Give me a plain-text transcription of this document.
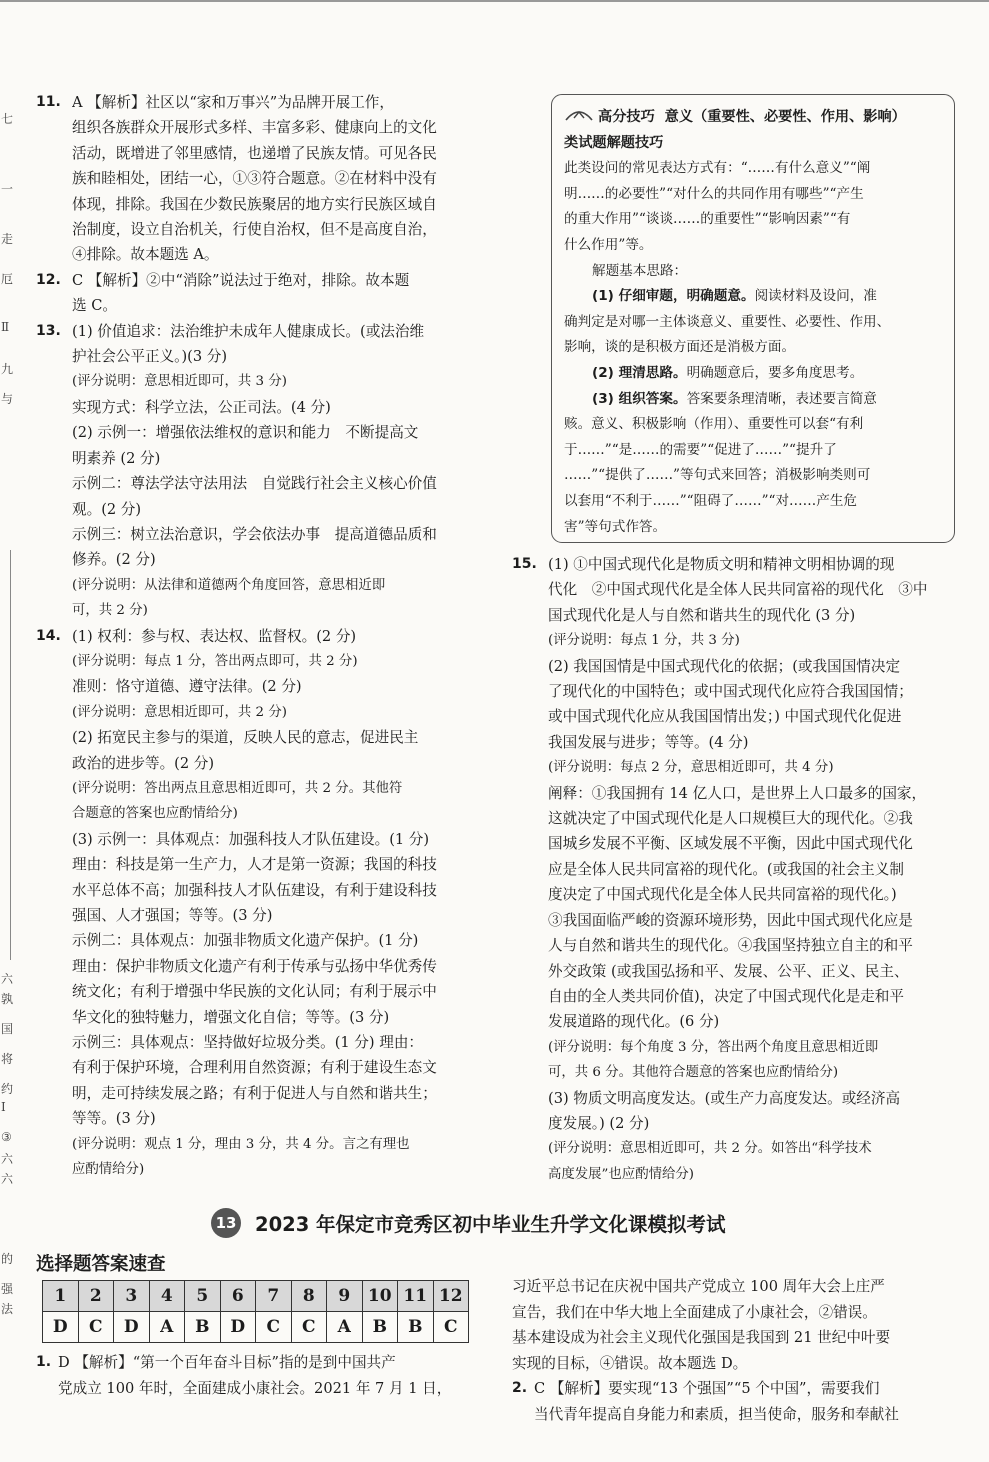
七
一
走
厄
Ⅱ
九
与
六
孰
国
将
约
Ⅰ
③
六
六
的
强
法
11. A 【解析】社区以“家和万事兴”为品牌开展工作，
组织各族群众开展形式多样、丰富多彩、健康向上的文化
活动，既增进了邻里感情，也递增了民族友情。可见各民
族和睦相处，团结一心，①③符合题意。②在材料中没有
体现，排除。我国在少数民族聚居的地方实行民族区域自
治制度，设立自治机关，行使自治权，但不是高度自治，
④排除。故本题选 A。
12. C 【解析】②中“消除”说法过于绝对，排除。故本题
选 C。
13. (1) 价值追求：法治维护未成年人健康成长。(或法治维
护社会公平正义。)(3 分)
(评分说明：意思相近即可，共 3 分)
实现方式：科学立法，公正司法。(4 分)
(2) 示例一：增强依法维权的意识和能力　不断提高文
明素养 (2 分)
示例二：尊法学法守法用法　自觉践行社会主义核心价值
观。(2 分)
示例三：树立法治意识，学会依法办事　提高道德品质和
修养。(2 分)
(评分说明：从法律和道德两个角度回答，意思相近即
可，共 2 分)
14. (1) 权利：参与权、表达权、监督权。(2 分)
(评分说明：每点 1 分，答出两点即可，共 2 分)
准则：恪守道德、遵守法律。(2 分)
(评分说明：意思相近即可，共 2 分)
(2) 拓宽民主参与的渠道，反映人民的意志，促进民主
政治的进步等。(2 分)
(评分说明：答出两点且意思相近即可，共 2 分。其他符
合题意的答案也应酌情给分)
(3) 示例一：具体观点：加强科技人才队伍建设。(1 分)
理由：科技是第一生产力，人才是第一资源；我国的科技
水平总体不高；加强科技人才队伍建设，有利于建设科技
强国、人才强国；等等。(3 分)
示例二：具体观点：加强非物质文化遗产保护。(1 分)
理由：保护非物质文化遗产有利于传承与弘扬中华优秀传
统文化；有利于增强中华民族的文化认同；有利于展示中
华文化的独特魅力，增强文化自信；等等。(3 分)
示例三：具体观点：坚持做好垃圾分类。(1 分) 理由：
有利于保护环境，合理利用自然资源；有利于建设生态文
明，走可持续发展之路；有利于促进人与自然和谐共生；
等等。(3 分)
(评分说明：观点 1 分，理由 3 分，共 4 分。言之有理也
应酌情给分)
高分技巧 意义（重要性、必要性、作用、影响）
类试题解题技巧
此类设问的常见表达方式有：“……有什么意义”“阐
明……的必要性”“对什么的共同作用有哪些”“产生
的重大作用”“谈谈……的重要性”“影响因素”“有
什么作用”等。
解题基本思路：
(1) 仔细审题，明确题意。阅读材料及设问，准
确判定是对哪一主体谈意义、重要性、必要性、作用、
影响，谈的是积极方面还是消极方面。
(2) 理清思路。明确题意后，要多角度思考。
(3) 组织答案。答案要条理清晰，表述要言简意
赅。意义、积极影响（作用）、重要性可以套“有利
于……”“是……的需要”“促进了……”“提升了
……”“提供了……”等句式来回答；消极影响类则可
以套用“不利于……”“阻碍了……”“对……产生危
害”等句式作答。
15. (1) ①中国式现代化是物质文明和精神文明相协调的现
代化　②中国式现代化是全体人民共同富裕的现代化　③中
国式现代化是人与自然和谐共生的现代化 (3 分)
(评分说明：每点 1 分，共 3 分)
(2) 我国国情是中国式现代化的依据；(或我国国情决定
了现代化的中国特色；或中国式现代化应符合我国国情；
或中国式现代化应从我国国情出发；) 中国式现代化促进
我国发展与进步；等等。(4 分)
(评分说明：每点 2 分，意思相近即可，共 4 分)
阐释：①我国拥有 14 亿人口，是世界上人口最多的国家，
这就决定了中国式现代化是人口规模巨大的现代化。②我
国城乡发展不平衡、区域发展不平衡，因此中国式现代化
应是全体人民共同富裕的现代化。(或我国的社会主义制
度决定了中国式现代化是全体人民共同富裕的现代化。)
③我国面临严峻的资源环境形势，因此中国式现代化应是
人与自然和谐共生的现代化。④我国坚持独立自主的和平
外交政策 (或我国弘扬和平、发展、公平、正义、民主、
自由的全人类共同价值)，决定了中国式现代化是走和平
发展道路的现代化。(6 分)
(评分说明：每个角度 3 分，答出两个角度且意思相近即
可，共 6 分。其他符合题意的答案也应酌情给分)
(3) 物质文明高度发达。(或生产力高度发达。或经济高
度发展。) (2 分)
(评分说明：意思相近即可，共 2 分。如答出“科学技术
高度发展”也应酌情给分)
13 2023 年保定市竞秀区初中毕业生升学文化课模拟考试
选择题答案速查
1	2	3	4	5	6	7	8	9	10	11	12
D	C	D	A	B	D	C	C	A	B	B	C
1. D 【解析】“第一个百年奋斗目标”指的是到中国共产
党成立 100 年时，全面建成小康社会。2021 年 7 月 1 日，
习近平总书记在庆祝中国共产党成立 100 周年大会上庄严
宣告，我们在中华大地上全面建成了小康社会，②错误。
基本建设成为社会主义现代化强国是我国到 21 世纪中叶要
实现的目标，④错误。故本题选 D。
2. C 【解析】要实现“13 个强国”“5 个中国”，需要我们
当代青年提高自身能力和素质，担当使命，服务和奉献社
